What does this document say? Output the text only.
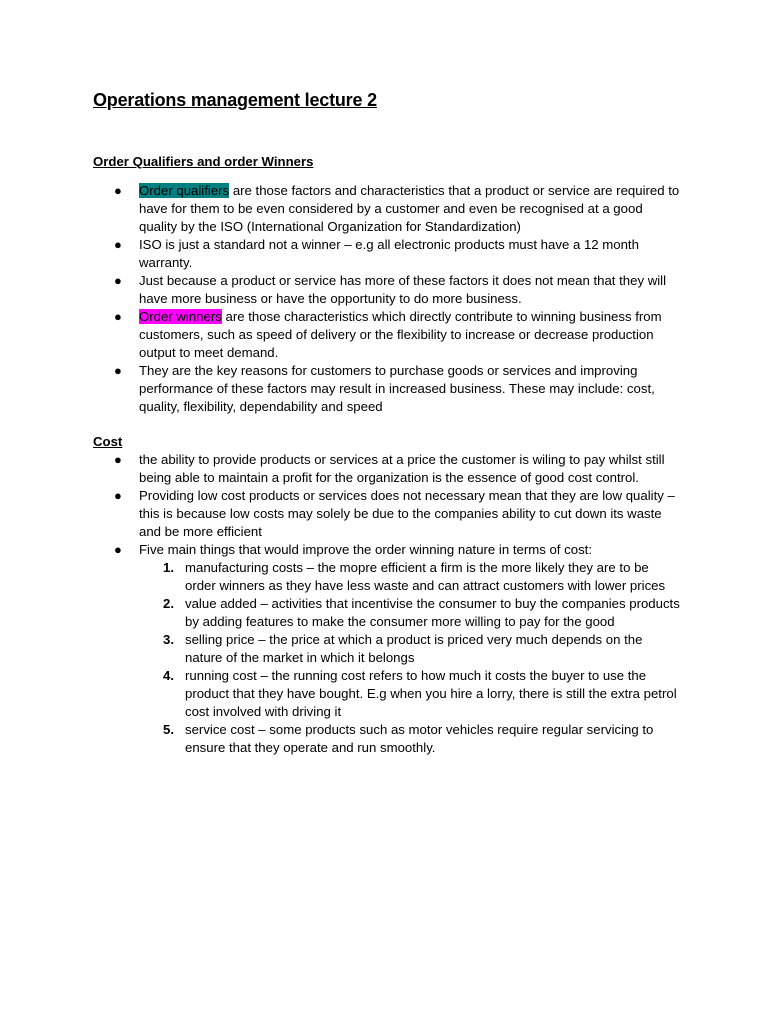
Operations management lecture 2
Order Qualifiers and order Winners
● Order qualifiers are those factors and characteristics that a product or service are required to have for them to be even considered by a customer and even be recognised at a good quality by the ISO (International Organization for Standardization)
● ISO is just a standard not a winner – e.g all electronic products must have a 12 month warranty.
● Just because a product or service has more of these factors it does not mean that they will have more business or have the opportunity to do more business.
● Order winners are those characteristics which directly contribute to winning business from customers, such as speed of delivery or the flexibility to increase or decrease production output to meet demand.
● They are the key reasons for customers to purchase goods or services and improving performance of these factors may result in increased business. These may include: cost, quality, flexibility, dependability and speed
Cost
● the ability to provide products or services at a price the customer is wiling to pay whilst still being able to maintain a profit for the organization is the essence of good cost control.
● Providing low cost products or services does not necessary mean that they are low quality – this is because low costs may solely be due to the companies ability to cut down its waste and be more efficient
● Five main things that would improve the order winning nature in terms of cost:
1. manufacturing costs – the mopre efficient a firm is the more likely they are to be order winners as they have less waste and can attract customers with lower prices
2. value added – activities that incentivise the consumer to buy the companies products by adding features to make the consumer more willing to pay for the good
3. selling price – the price at which a product is priced very much depends on the nature of the market in which it belongs
4. running cost – the running cost refers to how much it costs the buyer to use the product that they have bought. E.g when you hire a lorry, there is still the extra petrol cost involved with driving it
5. service cost – some products such as motor vehicles require regular servicing to ensure that they operate and run smoothly.
